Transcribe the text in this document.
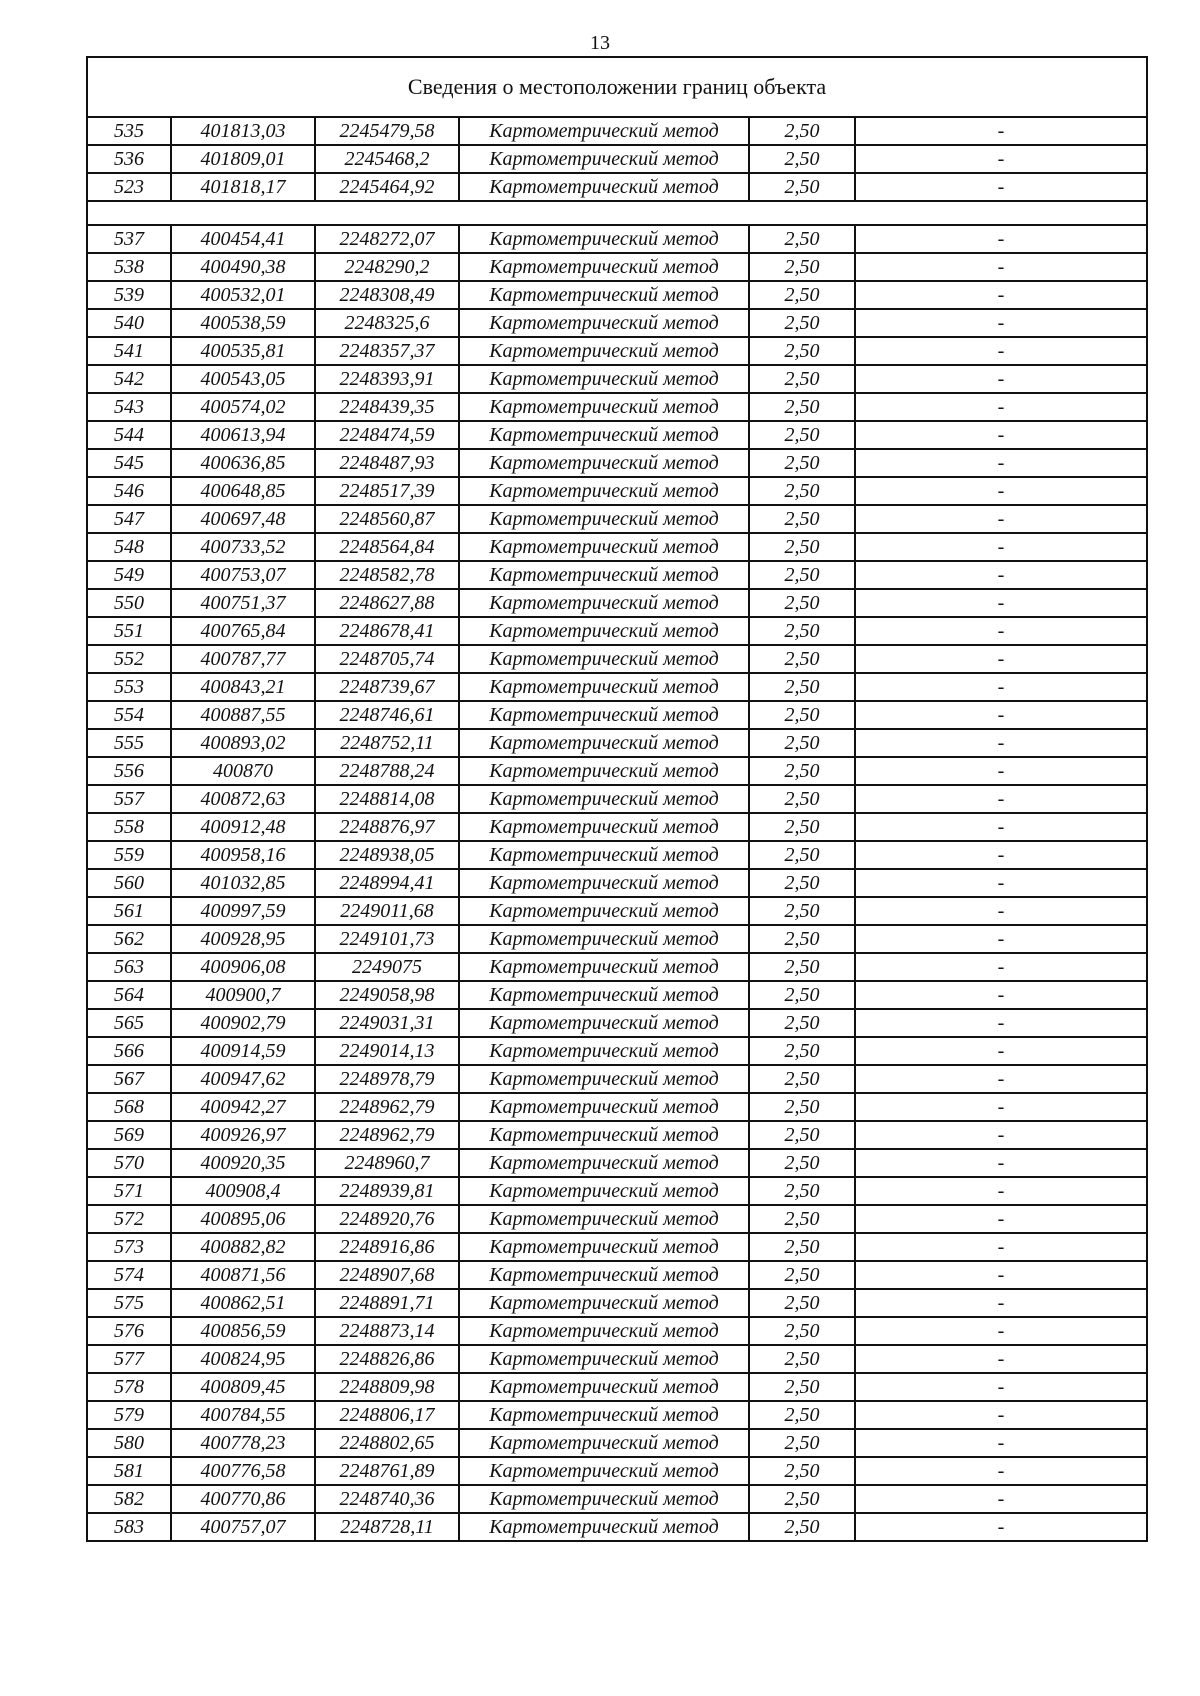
13
Сведения о местоположении границ объекта					
535	401813,03	2245479,58	Картометрический метод	2,50	-
536	401809,01	2245468,2	Картометрический метод	2,50	-
523	401818,17	2245464,92	Картометрический метод	2,50	-

537	400454,41	2248272,07	Картометрический метод	2,50	-
538	400490,38	2248290,2	Картометрический метод	2,50	-
539	400532,01	2248308,49	Картометрический метод	2,50	-
540	400538,59	2248325,6	Картометрический метод	2,50	-
541	400535,81	2248357,37	Картометрический метод	2,50	-
542	400543,05	2248393,91	Картометрический метод	2,50	-
543	400574,02	2248439,35	Картометрический метод	2,50	-
544	400613,94	2248474,59	Картометрический метод	2,50	-
545	400636,85	2248487,93	Картометрический метод	2,50	-
546	400648,85	2248517,39	Картометрический метод	2,50	-
547	400697,48	2248560,87	Картометрический метод	2,50	-
548	400733,52	2248564,84	Картометрический метод	2,50	-
549	400753,07	2248582,78	Картометрический метод	2,50	-
550	400751,37	2248627,88	Картометрический метод	2,50	-
551	400765,84	2248678,41	Картометрический метод	2,50	-
552	400787,77	2248705,74	Картометрический метод	2,50	-
553	400843,21	2248739,67	Картометрический метод	2,50	-
554	400887,55	2248746,61	Картометрический метод	2,50	-
555	400893,02	2248752,11	Картометрический метод	2,50	-
556	400870	2248788,24	Картометрический метод	2,50	-
557	400872,63	2248814,08	Картометрический метод	2,50	-
558	400912,48	2248876,97	Картометрический метод	2,50	-
559	400958,16	2248938,05	Картометрический метод	2,50	-
560	401032,85	2248994,41	Картометрический метод	2,50	-
561	400997,59	2249011,68	Картометрический метод	2,50	-
562	400928,95	2249101,73	Картометрический метод	2,50	-
563	400906,08	2249075	Картометрический метод	2,50	-
564	400900,7	2249058,98	Картометрический метод	2,50	-
565	400902,79	2249031,31	Картометрический метод	2,50	-
566	400914,59	2249014,13	Картометрический метод	2,50	-
567	400947,62	2248978,79	Картометрический метод	2,50	-
568	400942,27	2248962,79	Картометрический метод	2,50	-
569	400926,97	2248962,79	Картометрический метод	2,50	-
570	400920,35	2248960,7	Картометрический метод	2,50	-
571	400908,4	2248939,81	Картометрический метод	2,50	-
572	400895,06	2248920,76	Картометрический метод	2,50	-
573	400882,82	2248916,86	Картометрический метод	2,50	-
574	400871,56	2248907,68	Картометрический метод	2,50	-
575	400862,51	2248891,71	Картометрический метод	2,50	-
576	400856,59	2248873,14	Картометрический метод	2,50	-
577	400824,95	2248826,86	Картометрический метод	2,50	-
578	400809,45	2248809,98	Картометрический метод	2,50	-
579	400784,55	2248806,17	Картометрический метод	2,50	-
580	400778,23	2248802,65	Картометрический метод	2,50	-
581	400776,58	2248761,89	Картометрический метод	2,50	-
582	400770,86	2248740,36	Картометрический метод	2,50	-
583	400757,07	2248728,11	Картометрический метод	2,50	-
